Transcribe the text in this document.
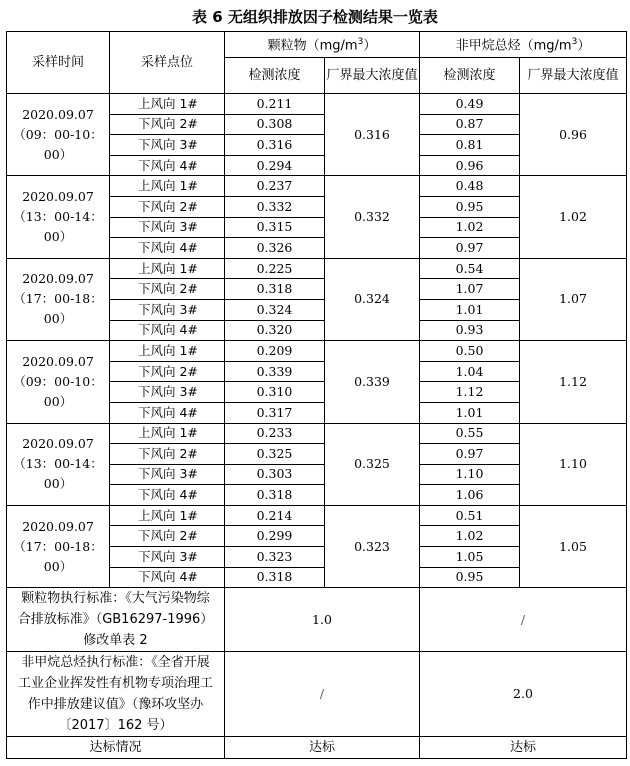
表 6 无组织排放因子检测结果一览表
采样时间	采样点位	颗粒物$(mg/m^3)$		非甲烷总烃$(mg/m^3)$	
		检测浓度	厂界最大浓度值	检测浓度	厂界最大浓度值

2020.09.07
（09：00-10：00）	上风向 1#	0.211	0.316	0.49	0.96
	下风向 2#	0.308		0.87	
	下风向 3#	0.316		0.81	
	下风向 4#	0.294		0.96	

2020.09.07
（13：00-14：00）	上风向 1#	0.237	0.332	0.48	1.02
	下风向 2#	0.332		0.95	
	下风向 3#	0.315		1.02	
	下风向 4#	0.326		0.97	

2020.09.07
（17：00-18：00）	上风向 1#	0.225	0.324	0.54	1.07
	下风向 2#	0.318		1.07	
	下风向 3#	0.324		1.01	
	下风向 4#	0.320		0.93	

2020.09.07
（09：00-10：00）	上风向 1#	0.209	0.339	0.50	1.12
	下风向 2#	0.339		1.04	
	下风向 3#	0.310		1.12	
	下风向 4#	0.317		1.01	

2020.09.07
（13：00-14：00）	上风向 1#	0.233	0.325	0.55	1.10
	下风向 2#	0.325		0.97	
	下风向 3#	0.303		1.10	
	下风向 4#	0.318		1.06	

2020.09.07
（17：00-18：00）	上风向 1#	0.214	0.323	0.51	1.05
	下风向 2#	0.299		1.02	
	下风向 3#	0.323		1.05	
	下风向 4#	0.318		0.95	
颗粒物执行标准：《大气污染物综合排放标准》（GB16297-1996）修改单表 2		1.0		/	
非甲烷总烃执行标准：《全省开展工业企业挥发性有机物专项治理工作中排放建议值》（豫环攻坚办〔2017〕162 号）		/		2.0	
达标情况		达标		达标	
